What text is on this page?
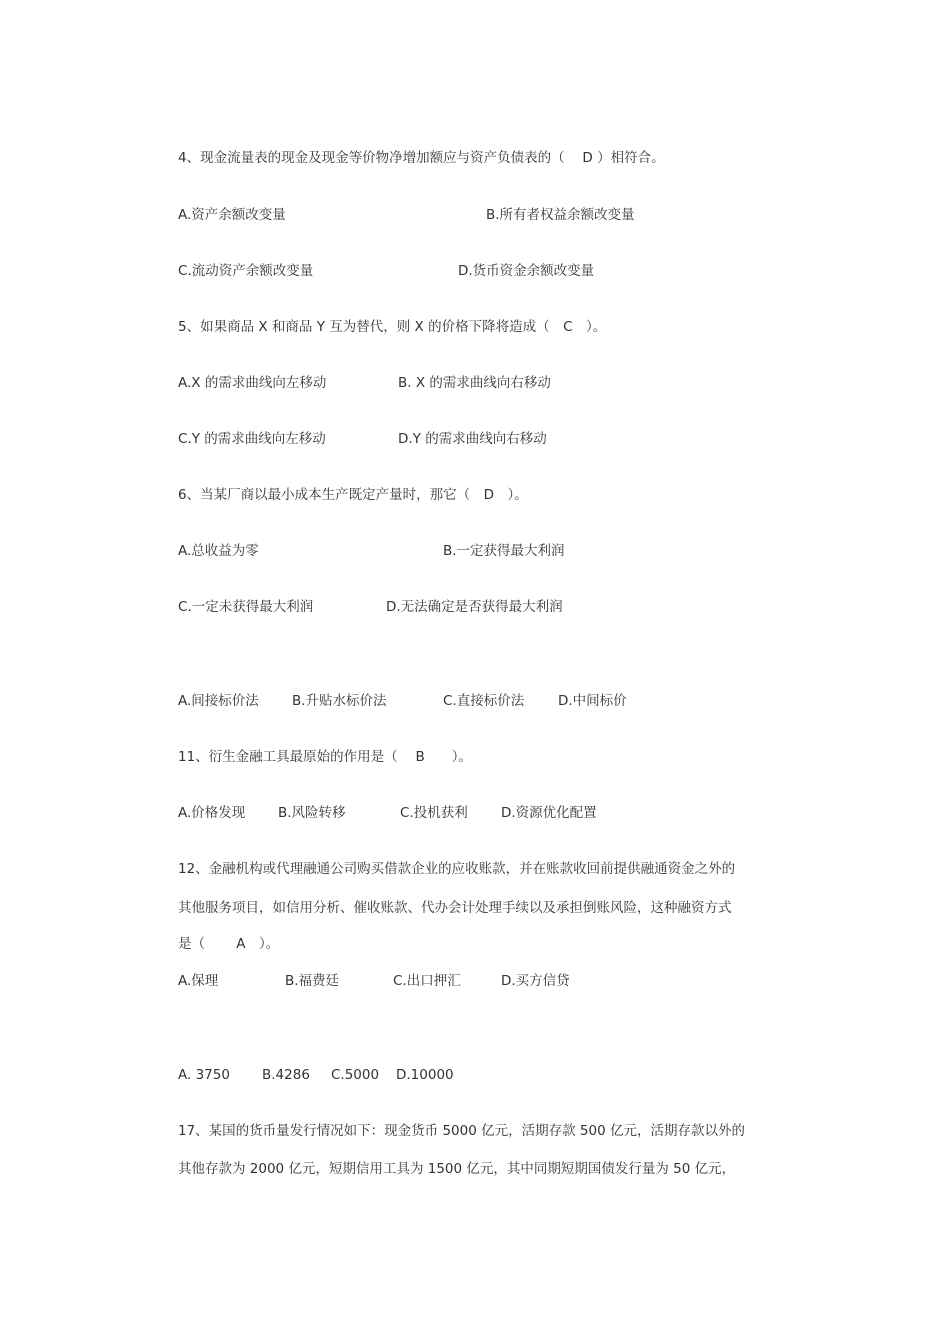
4、现金流量表的现金及现金等价物净增加额应与资产负债表的（　 D ）相符合。
A.资产余额改变量	B.所有者权益余额改变量
C.流动资产余额改变量	D.货币资金余额改变量
5、如果商品 X 和商品 Y 互为替代，则 X 的价格下降将造成（　C　）。
A.X 的需求曲线向左移动	B. X 的需求曲线向右移动
C.Y 的需求曲线向左移动	D.Y 的需求曲线向右移动
6、当某厂商以最小成本生产既定产量时，那它（　D　）。
A.总收益为零	B.一定获得最大利润
C.一定未获得最大利润	D.无法确定是否获得最大利润
A.间接标价法 B.升贴水标价法	C.直接标价法	D.中间标价
11、衍生金融工具最原始的作用是（　 B　　）。
A.价格发现 B.风险转移	C.投机获利 D.资源优化配置
12、金融机构或代理融通公司购买借款企业的应收账款，并在账款收回前提供融通资金之外的
其他服务项目，如信用分析、催收账款、代办会计处理手续以及承担倒账风险，这种融资方式
是（　　 A　）。
A.保理	B.福费廷	C.出口押汇	D.买方信贷
A. 3750 B.4286 C.5000 D.10000
17、某国的货币量发行情况如下：现金货币 5000 亿元，活期存款 500 亿元，活期存款以外的
其他存款为 2000 亿元，短期信用工具为 1500 亿元，其中同期短期国债发行量为 50 亿元，
